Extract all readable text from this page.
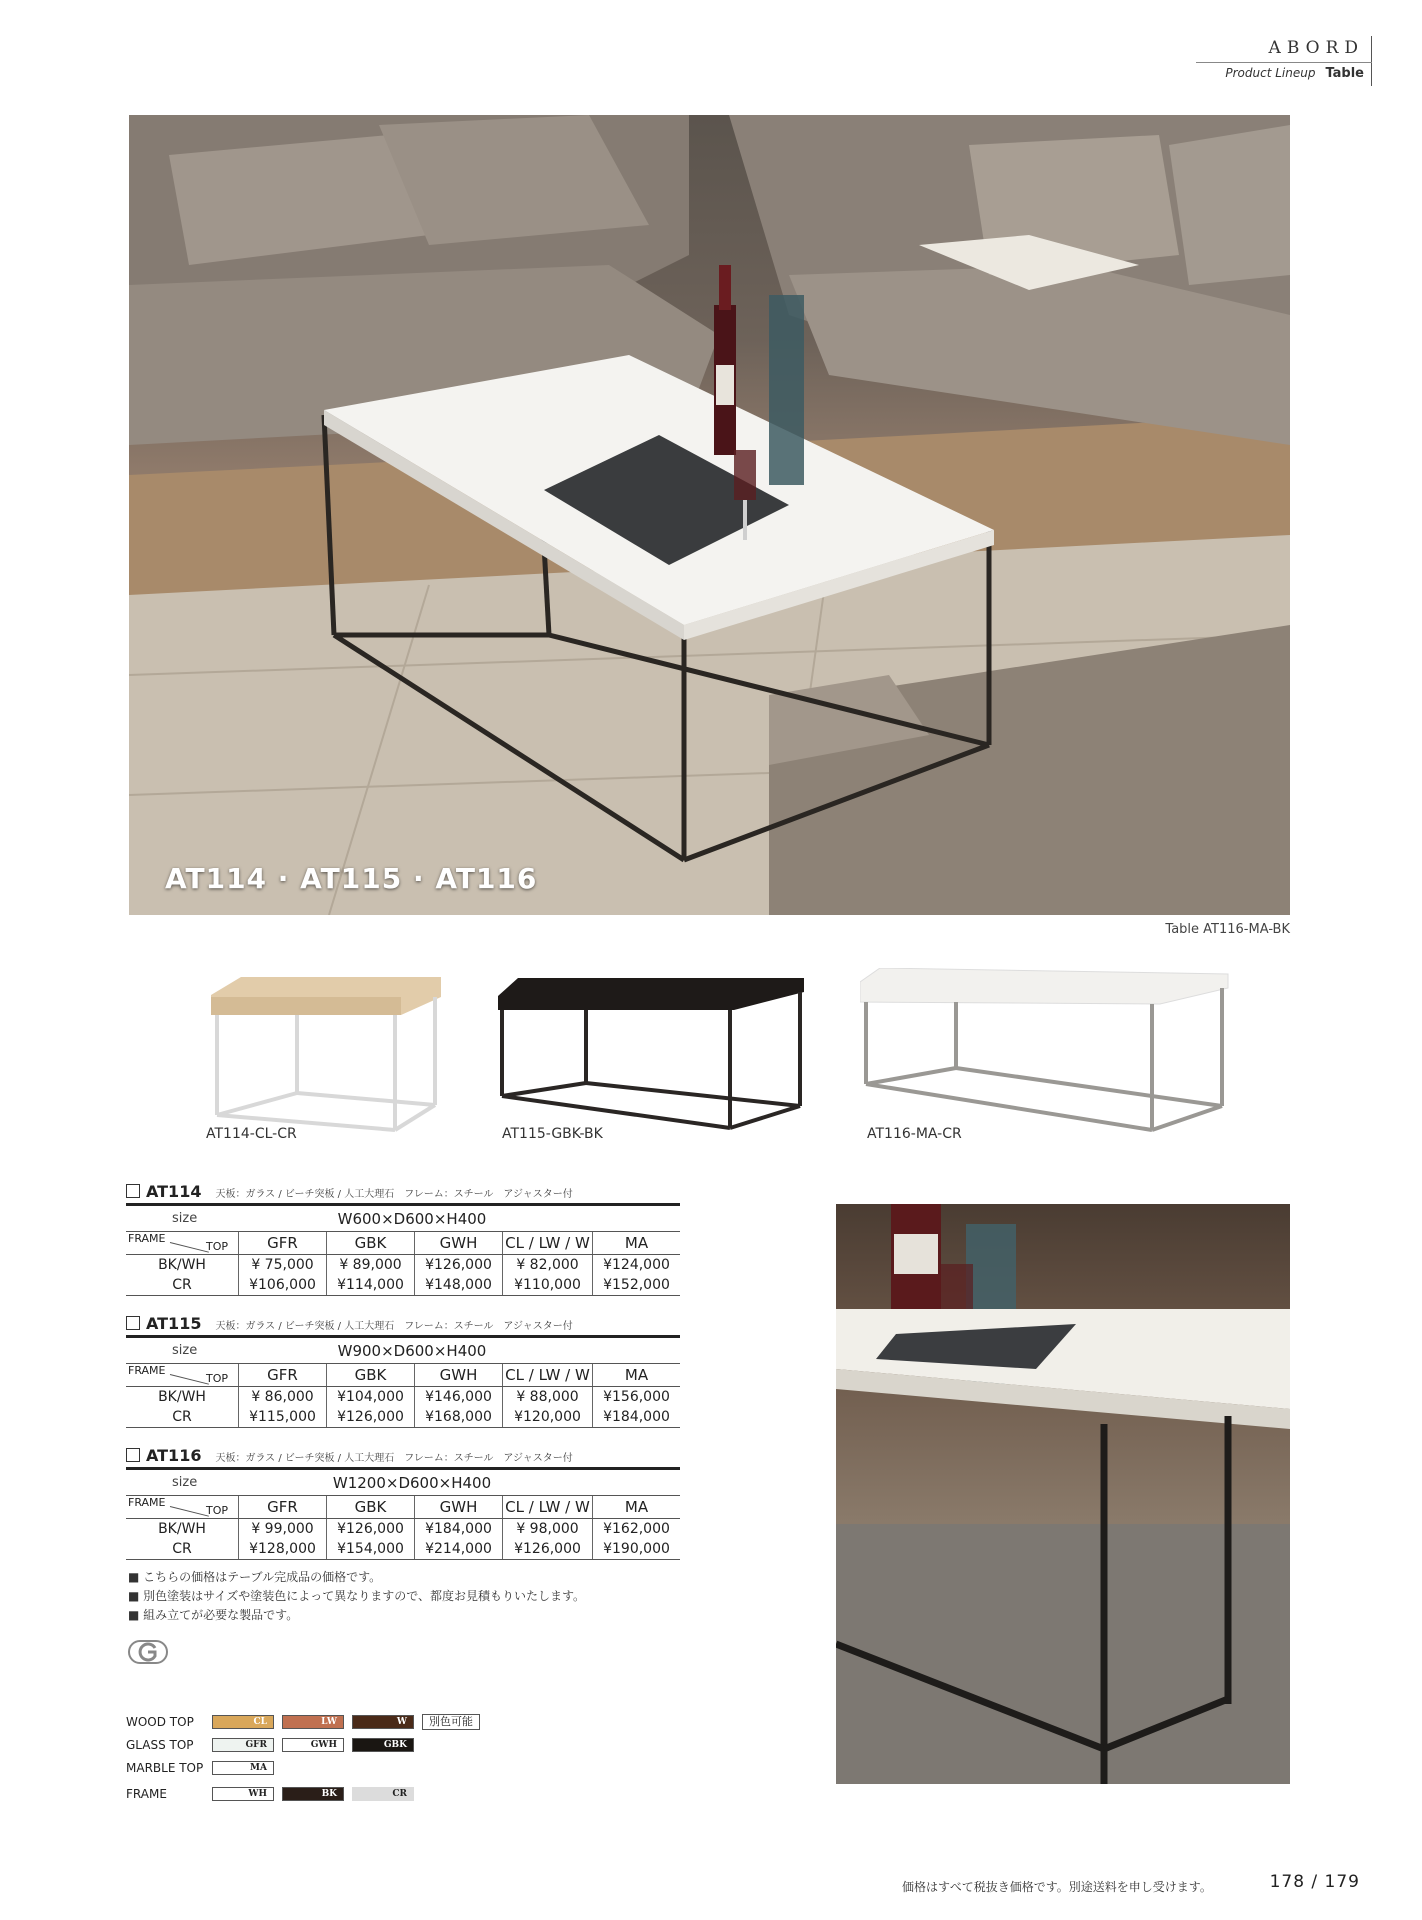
ABORD
Product Lineup Table
AT114 · AT115 · AT116
Table AT116-MA-BK
AT114-CL-CR	AT115-GBK-BK	AT116-MA-CR
AT114 天板：ガラス / ビーチ突板 / 人工大理石　フレーム：スチール　アジャスター付
size	W600×D600×H400
FRAME
TOP	GFR	GBK	GWH	CL / LW / W	MA
BK/WH	¥ 75,000	¥ 89,000	¥126,000	¥ 82,000	¥124,000
CR	¥106,000	¥114,000	¥148,000	¥110,000	¥152,000
AT115 天板：ガラス / ビーチ突板 / 人工大理石　フレーム：スチール　アジャスター付
size	W900×D600×H400
FRAME
TOP	GFR	GBK	GWH	CL / LW / W	MA
BK/WH	¥ 86,000	¥104,000	¥146,000	¥ 88,000	¥156,000
CR	¥115,000	¥126,000	¥168,000	¥120,000	¥184,000
AT116 天板：ガラス / ビーチ突板 / 人工大理石　フレーム：スチール　アジャスター付
size	W1200×D600×H400
FRAME
TOP	GFR	GBK	GWH	CL / LW / W	MA
BK/WH	¥ 99,000	¥126,000	¥184,000	¥ 98,000	¥162,000
CR	¥128,000	¥154,000	¥214,000	¥126,000	¥190,000
■ こちらの価格はテーブル完成品の価格です。
■ 別色塗装はサイズや塗装色によって異なりますので、都度お見積もりいたします。
■ 組み立てが必要な製品です。
WOOD TOP	CL	LW	W	別色可能
GLASS TOP	GFR	GWH	GBK
MARBLE TOP	MA
FRAME	WH	BK	CR
価格はすべて税抜き価格です。別途送料を申し受けます。	178 / 179
